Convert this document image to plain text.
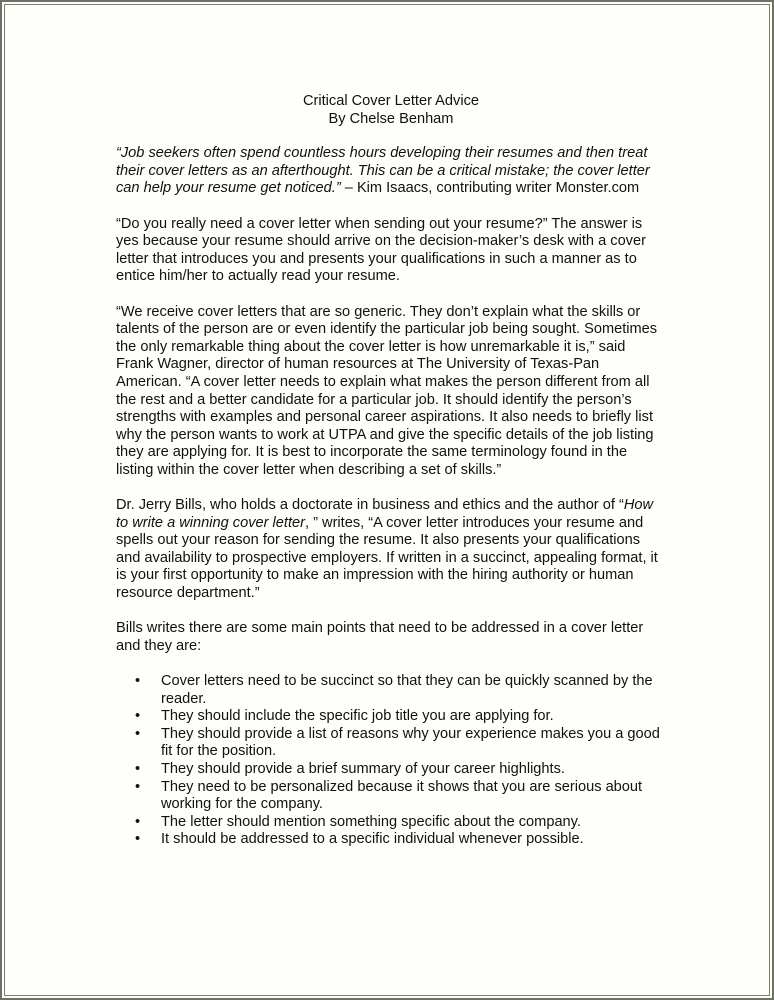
Critical Cover Letter Advice
By Chelse Benham

“Job seekers often spend countless hours developing their resumes and then treat their cover letters as an afterthought. This can be a critical mistake; the cover letter can help your resume get noticed.” – Kim Isaacs, contributing writer Monster.com

“Do you really need a cover letter when sending out your resume?” The answer is yes because your resume should arrive on the decision-maker’s desk with a cover letter that introduces you and presents your qualifications in such a manner as to entice him/her to actually read your resume.

“We receive cover letters that are so generic. They don’t explain what the skills or talents of the person are or even identify the particular job being sought. Sometimes the only remarkable thing about the cover letter is how unremarkable it is,” said Frank Wagner, director of human resources at The University of Texas-Pan American. “A cover letter needs to explain what makes the person different from all the rest and a better candidate for a particular job. It should identify the person’s strengths with examples and personal career aspirations. It also needs to briefly list why the person wants to work at UTPA and give the specific details of the job listing they are applying for. It is best to incorporate the same terminology found in the listing within the cover letter when describing a set of skills.”

Dr. Jerry Bills, who holds a doctorate in business and ethics and the author of “How to write a winning cover letter, ” writes, “A cover letter introduces your resume and spells out your reason for sending the resume. It also presents your qualifications and availability to prospective employers. If written in a succinct, appealing format, it is your first opportunity to make an impression with the hiring authority or human resource department.”

Bills writes there are some main points that need to be addressed in a cover letter and they are:

• Cover letters need to be succinct so that they can be quickly scanned by the reader.
• They should include the specific job title you are applying for.
• They should provide a list of reasons why your experience makes you a good fit for the position.
• They should provide a brief summary of your career highlights.
• They need to be personalized because it shows that you are serious about working for the company.
• The letter should mention something specific about the company.
• It should be addressed to a specific individual whenever possible.
